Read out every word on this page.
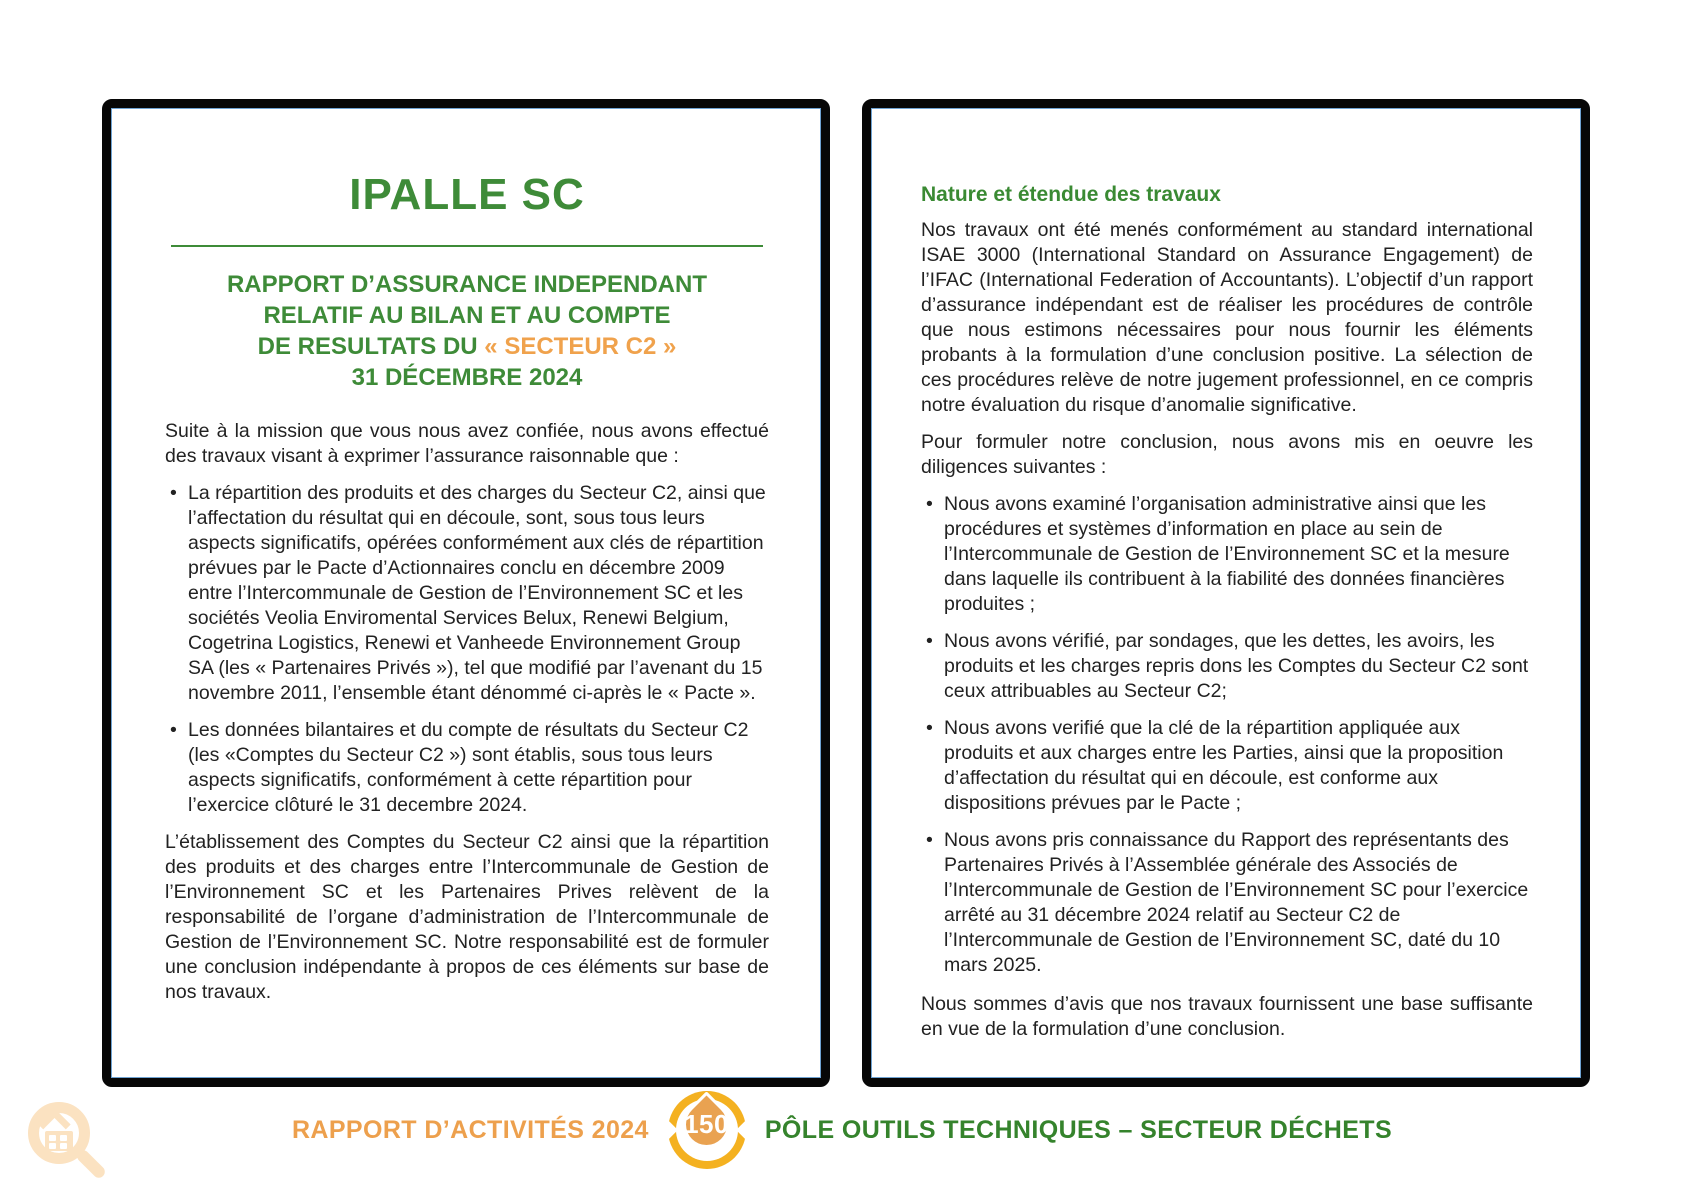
IPALLE SC
RAPPORT D’ASSURANCE INDEPENDANT
RELATIF AU BILAN ET AU COMPTE
DE RESULTATS DU « SECTEUR C2 »
31 DÉCEMBRE 2024

Suite à la mission que vous nous avez confiée, nous avons effectué des travaux visant à exprimer l’assurance raisonnable que :

• La répartition des produits et des charges du Secteur C2, ainsi que l’affectation du résultat qui en découle, sont, sous tous leurs aspects significatifs, opérées conformément aux clés de répartition prévues par le Pacte d’Actionnaires conclu en décembre 2009 entre l’Intercommunale de Gestion de l’Environnement SC et les sociétés Veolia Enviromental Services Belux, Renewi Belgium, Cogetrina Logistics, Renewi et Vanheede Environnement Group SA (les « Partenaires Privés »), tel que modifié par l’avenant du 15 novembre 2011, l’ensemble étant dénommé ci-après le « Pacte ».
• Les données bilantaires et du compte de résultats du Secteur C2 (les «Comptes du Secteur C2 ») sont établis, sous tous leurs aspects significatifs, conformément à cette répartition pour l’exercice clôturé le 31 decembre 2024.

L’établissement des Comptes du Secteur C2 ainsi que la répartition des produits et des charges entre l’Intercommunale de Gestion de l’Environnement SC et les Partenaires Prives relèvent de la responsabilité de l’organe d’administration de l’Intercommunale de Gestion de l’Environnement SC. Notre responsabilité est de formuler une conclusion indépendante à propos de ces éléments sur base de nos travaux.

Nature et étendue des travaux

Nos travaux ont été menés conformément au standard international ISAE 3000 (International Standard on Assurance Engagement) de l’IFAC (International Federation of Accountants). L’objectif d’un rapport d’assurance indépendant est de réaliser les procédures de contrôle que nous estimons nécessaires pour nous fournir les éléments probants à la formulation d’une conclusion positive. La sélection de ces procédures relève de notre jugement professionnel, en ce compris notre évaluation du risque d’anomalie significative.

Pour formuler notre conclusion, nous avons mis en oeuvre les diligences suivantes :

• Nous avons examiné l’organisation administrative ainsi que les procédures et systèmes d’information en place au sein de l’Intercommunale de Gestion de l’Environnement SC et la mesure dans laquelle ils contribuent à la fiabilité des données financières produites ;
• Nous avons vérifié, par sondages, que les dettes, les avoirs, les produits et les charges repris dons les Comptes du Secteur C2 sont ceux attribuables au Secteur C2;
• Nous avons verifié que la clé de la répartition appliquée aux produits et aux charges entre les Parties, ainsi que la proposition d’affectation du résultat qui en découle, est conforme aux dispositions prévues par le Pacte ;
• Nous avons pris connaissance du Rapport des représentants des Partenaires Privés à l’Assemblée générale des Associés de l’Intercommunale de Gestion de l’Environnement SC pour l’exercice arrêté au 31 décembre 2024 relatif au Secteur C2 de l’Intercommunale de Gestion de l’Environnement SC, daté du 10 mars 2025.

Nous sommes d’avis que nos travaux fournissent une base suffisante en vue de la formulation d’une conclusion.

RAPPORT D’ACTIVITÉS 2024 150 PÔLE OUTILS TECHNIQUES – SECTEUR DÉCHETS
